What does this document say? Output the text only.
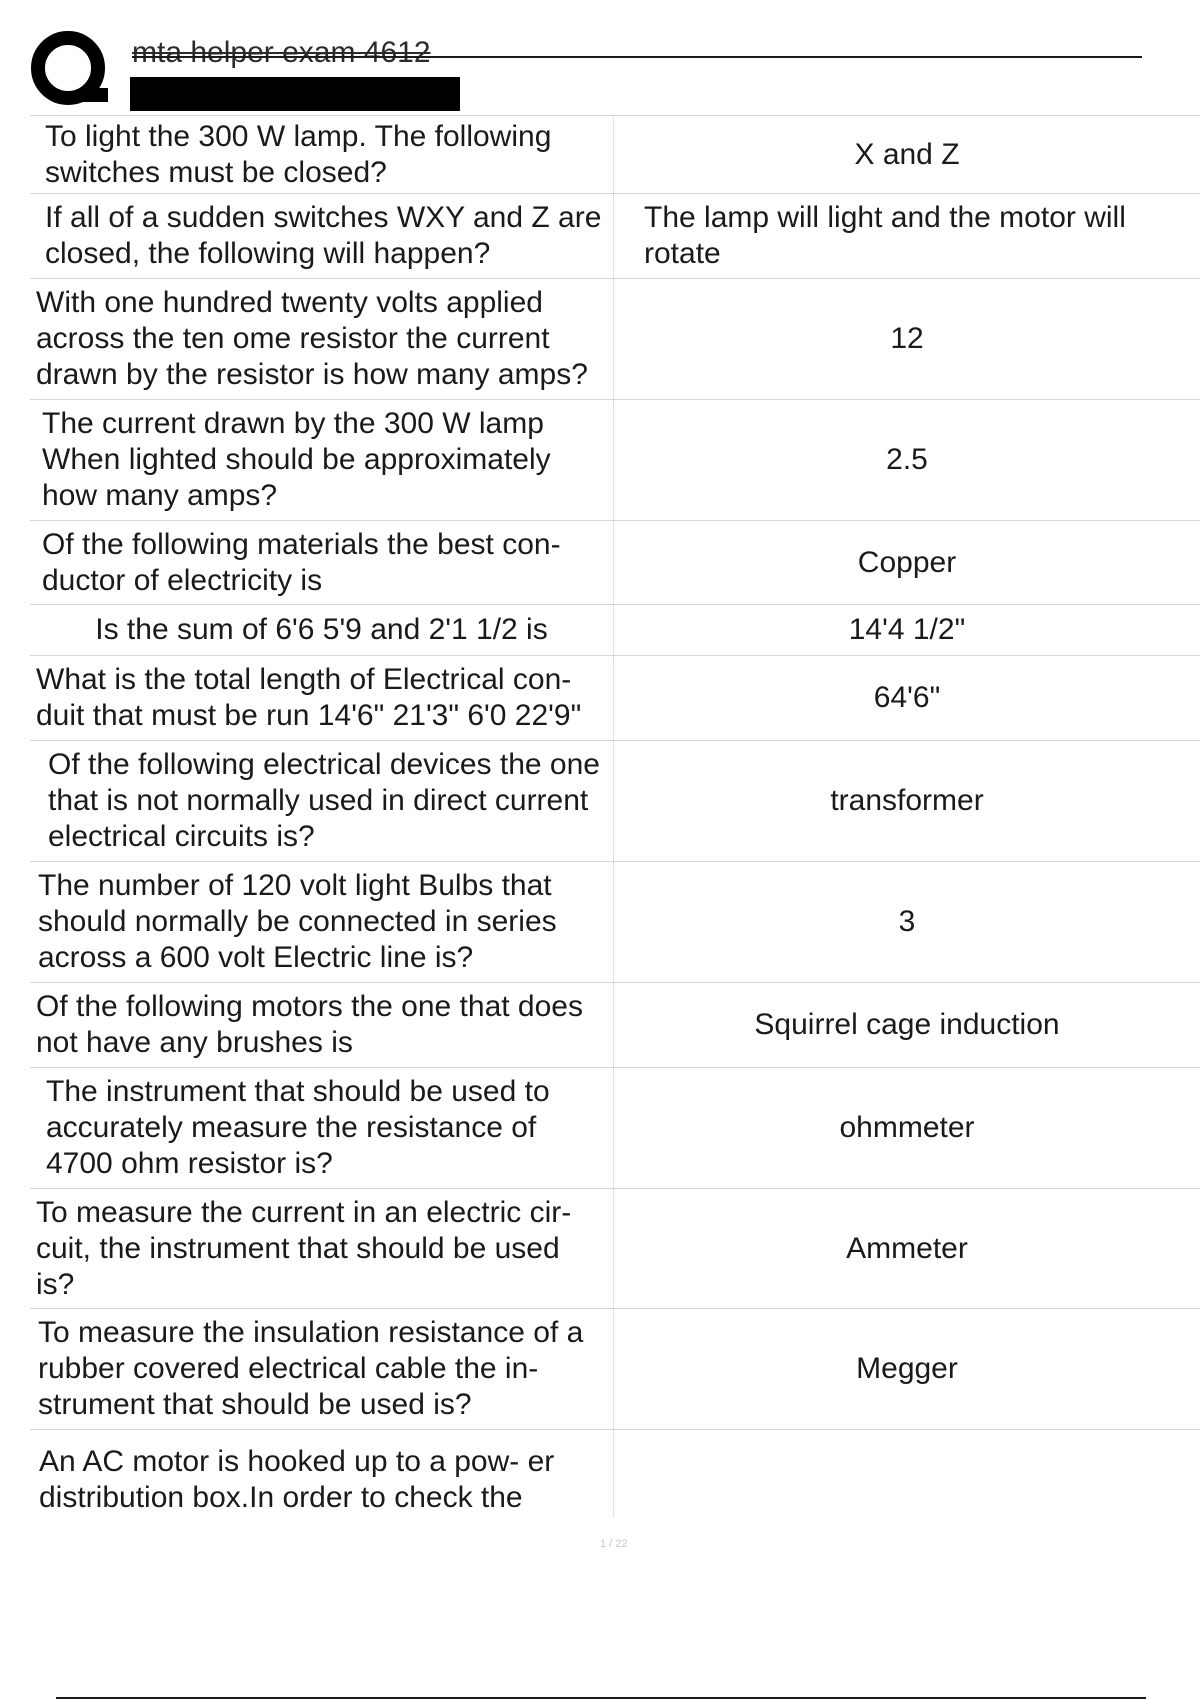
mta helper exam 4612
To light the 300 W lamp. The following switches must be closed?
X and Z
If all of a sudden switches WXY and Z are closed, the following will happen?
The lamp will light and the motor will rotate
With one hundred twenty volts applied across the ten ome resistor the current drawn by the resistor is how many amps?
12
The current drawn by the 300 W lamp When lighted should be approximately how many amps?
2.5
Of the following materials the best con- ductor of electricity is
Copper
Is the sum of 6'6 5'9 and 2'1 1/2 is	14'4 1/2"
What is the total length of Electrical con- duit that must be run 14'6" 21'3" 6'0 22'9"
64'6"
Of the following electrical devices the one that is not normally used in direct current electrical circuits is?
transformer
The number of 120 volt light Bulbs that should normally be connected in series across a 600 volt Electric line is?
3
Of the following motors the one that does not have any brushes is
Squirrel cage induction
The instrument that should be used to accurately measure the resistance of 4700 ohm resistor is?
ohmmeter
To measure the current in an electric cir- cuit, the instrument that should be used is?
Ammeter
To measure the insulation resistance of a rubber covered electrical cable the in- strument that should be used is?
Megger
An AC motor is hooked up to a pow- er distribution box.In order to check the
1 / 22
